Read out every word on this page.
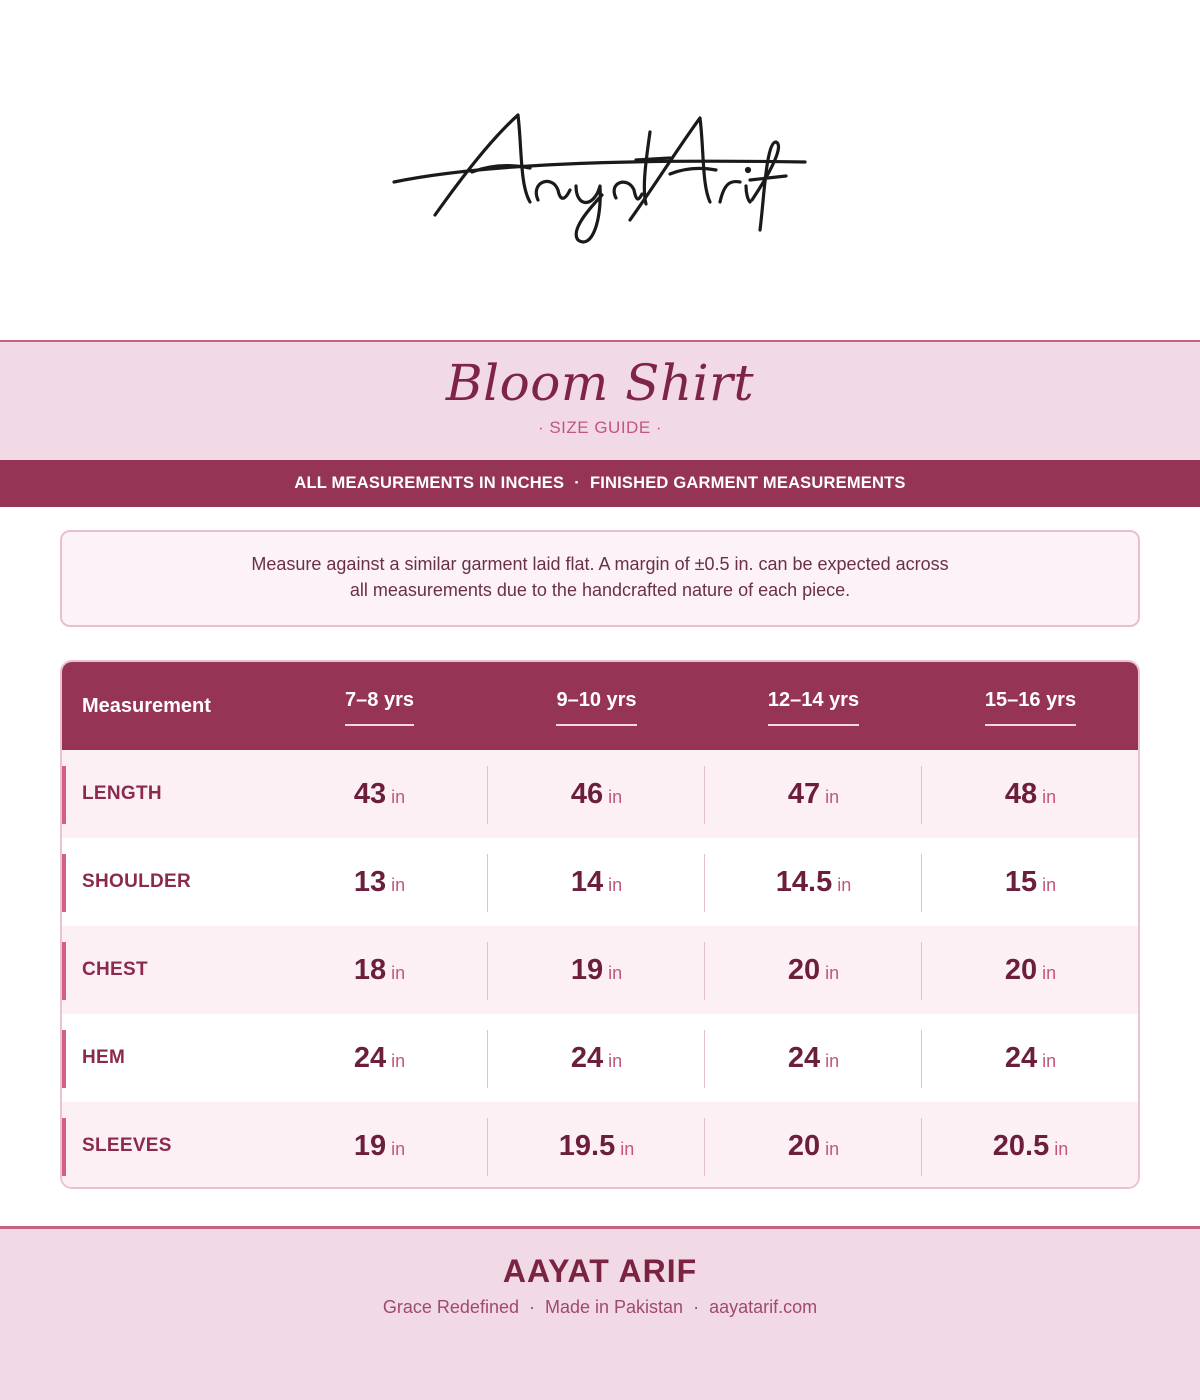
Bloom Shirt
· SIZE GUIDE ·
ALL MEASUREMENTS IN INCHES · FINISHED GARMENT MEASUREMENTS
Measure against a similar garment laid flat. A margin of ±0.5 in. can be expected across
all measurements due to the handcrafted nature of each piece.
Measurement	7–8 yrs	9–10 yrs	12–14 yrs	15–16 yrs
LENGTH	43 in	46 in	47 in	48 in
SHOULDER	13 in	14 in	14.5 in	15 in
CHEST	18 in	19 in	20 in	20 in
HEM	24 in	24 in	24 in	24 in
SLEEVES	19 in	19.5 in	20 in	20.5 in
AAYAT ARIF
Grace Redefined · Made in Pakistan · aayatarif.com
